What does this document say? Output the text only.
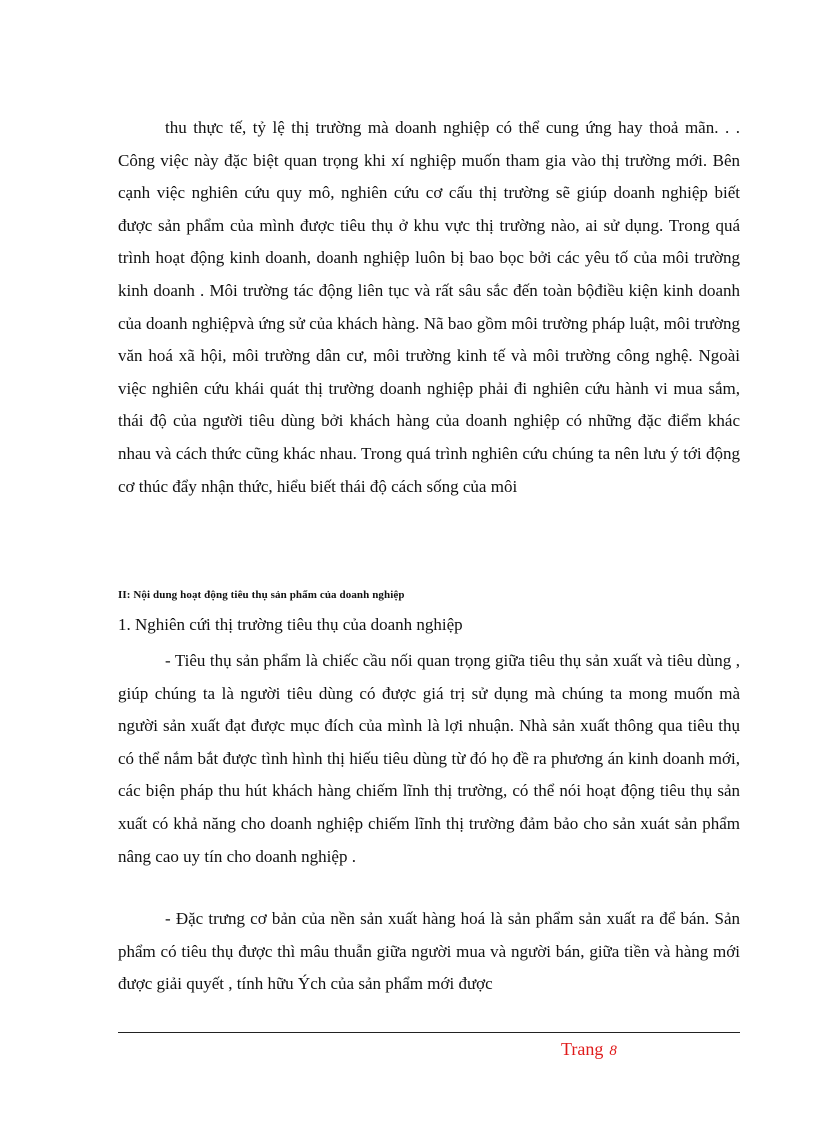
thu thực tế, tỷ lệ thị trường mà doanh nghiệp có thể cung ứng hay thoả mãn. . . Công việc này đặc biệt quan trọng khi xí nghiệp muốn tham gia vào thị trường mới. Bên cạnh việc nghiên cứu quy mô, nghiên cứu cơ cấu thị trường sẽ giúp doanh nghiệp biết được sản phẩm của mình được tiêu thụ ở khu vực thị trường nào, ai sử dụng. Trong quá trình hoạt động kinh doanh, doanh nghiệp luôn bị bao bọc bởi các yêu tố của môi trường kinh doanh . Môi trường tác động liên tục và rất sâu sắc đến toàn bộđiều kiện kinh doanh của doanh nghiệpvà ứng sử của khách hàng. Nã bao gồm môi trường pháp luật, môi trường văn hoá xã hội, môi trường dân cư, môi trường kinh tế và môi trường công nghệ. Ngoài việc nghiên cứu khái quát thị trường doanh nghiệp phải đi nghiên cứu hành vi mua sắm, thái độ của người tiêu dùng bởi khách hàng của doanh nghiệp có những đặc điểm khác nhau và cách thức cũng khác nhau. Trong quá trình nghiên cứu chúng ta nên lưu ý tới động cơ thúc đẩy nhận thức, hiểu biết thái độ cách sống của môi

II: Nội dung hoạt động tiêu thụ sản phẩm của doanh nghiệp

1. Nghiên cứi thị trường tiêu thụ của doanh nghiệp

- Tiêu thụ sản phẩm là chiếc cầu nối quan trọng giữa tiêu thụ sản xuất và tiêu dùng , giúp chúng ta là người tiêu dùng có được giá trị sử dụng mà chúng ta mong muốn mà người sản xuất đạt được mục đích của mình là lợi nhuận. Nhà sản xuất thông qua tiêu thụ có thể nắm bắt được tình hình thị hiếu tiêu dùng từ đó họ đề ra phương án kinh doanh mới, các biện pháp thu hút khách hàng chiếm lĩnh thị trường, có thể nói hoạt động tiêu thụ sản xuất có khả năng cho doanh nghiệp chiếm lĩnh thị trường đảm bảo cho sản xuát sản phẩm nâng cao uy tín cho doanh nghiệp .

- Đặc trưng cơ bản của nền sản xuất hàng hoá là sản phẩm sản xuất ra để bán. Sản phẩm có tiêu thụ được thì mâu thuẫn giữa người mua và người bán, giữa tiền và hàng mới được giải quyết , tính hữu Ých của sản phẩm mới được

Trang 8
